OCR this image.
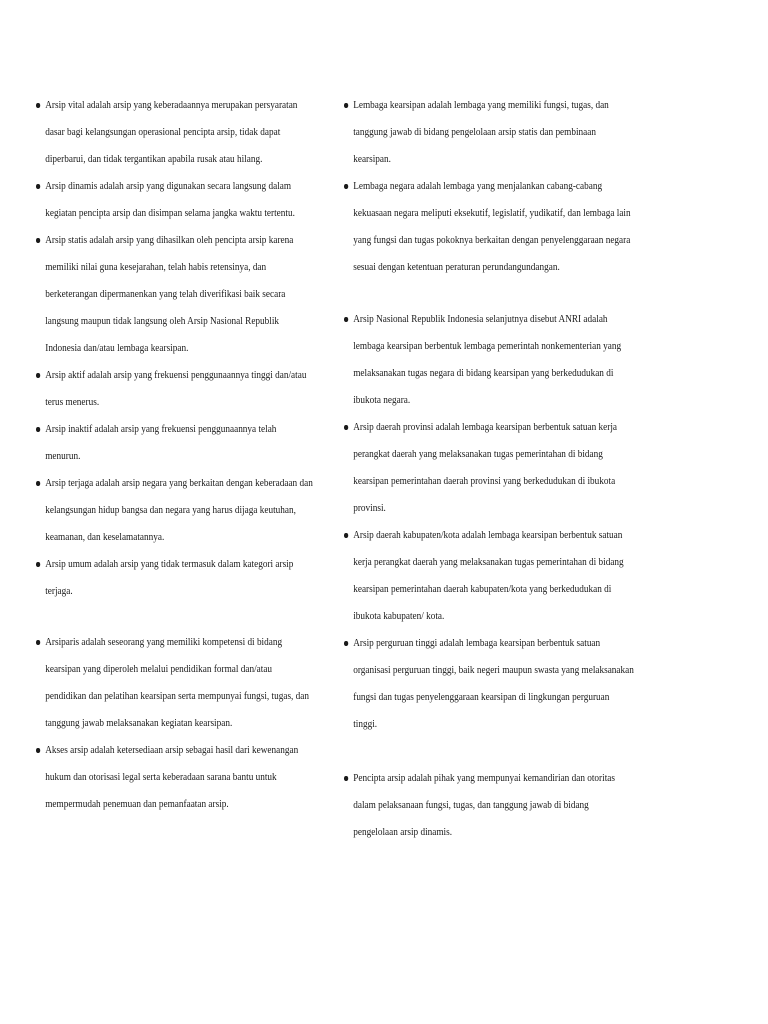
Arsip vital adalah arsip yang keberadaannya merupakan persyaratan dasar bagi kelangsungan operasional pencipta arsip, tidak dapat diperbarui, dan tidak tergantikan apabila rusak atau hilang.
Arsip dinamis adalah arsip yang digunakan secara langsung dalam kegiatan pencipta arsip dan disimpan selama jangka waktu tertentu.
Arsip statis adalah arsip yang dihasilkan oleh pencipta arsip karena memiliki nilai guna kesejarahan, telah habis retensinya, dan berketerangan dipermanenkan yang telah diverifikasi baik secara langsung maupun tidak langsung oleh Arsip Nasional Republik Indonesia dan/atau lembaga kearsipan.
Arsip aktif adalah arsip yang frekuensi penggunaannya tinggi dan/atau terus menerus.
Arsip inaktif adalah arsip yang frekuensi penggunaannya telah menurun.
Arsip terjaga adalah arsip negara yang berkaitan dengan keberadaan dan kelangsungan hidup bangsa dan negara yang harus dijaga keutuhan, keamanan, dan keselamatannya.
Arsip umum adalah arsip yang tidak termasuk dalam kategori arsip terjaga.
Arsiparis adalah seseorang yang memiliki kompetensi di bidang kearsipan yang diperoleh melalui pendidikan formal dan/atau pendidikan dan pelatihan kearsipan serta mempunyai fungsi, tugas, dan tanggung jawab melaksanakan kegiatan kearsipan.
Akses arsip adalah ketersediaan arsip sebagai hasil dari kewenangan hukum dan otorisasi legal serta keberadaan sarana bantu untuk mempermudah penemuan dan pemanfaatan arsip.
Lembaga kearsipan adalah lembaga yang memiliki fungsi, tugas, dan tanggung jawab di bidang pengelolaan arsip statis dan pembinaan kearsipan.
Lembaga negara adalah lembaga yang menjalankan cabang-cabang kekuasaan negara meliputi eksekutif, legislatif, yudikatif, dan lembaga lain yang fungsi dan tugas pokoknya berkaitan dengan penyelenggaraan negara sesuai dengan ketentuan peraturan perundangundangan.
Arsip Nasional Republik Indonesia selanjutnya disebut ANRI adalah lembaga kearsipan berbentuk lembaga pemerintah nonkementerian yang melaksanakan tugas negara di bidang kearsipan yang berkedudukan di ibukota negara.
Arsip daerah provinsi adalah lembaga kearsipan berbentuk satuan kerja perangkat daerah yang melaksanakan tugas pemerintahan di bidang kearsipan pemerintahan daerah provinsi yang berkedudukan di ibukota provinsi.
Arsip daerah kabupaten/kota adalah lembaga kearsipan berbentuk satuan kerja perangkat daerah yang melaksanakan tugas pemerintahan di bidang kearsipan pemerintahan daerah kabupaten/kota yang berkedudukan di ibukota kabupaten/ kota.
Arsip perguruan tinggi adalah lembaga kearsipan berbentuk satuan organisasi perguruan tinggi, baik negeri maupun swasta yang melaksanakan fungsi dan tugas penyelenggaraan kearsipan di lingkungan perguruan tinggi.
Pencipta arsip adalah pihak yang mempunyai kemandirian dan otoritas dalam pelaksanaan fungsi, tugas, dan tanggung jawab di bidang pengelolaan arsip dinamis.
